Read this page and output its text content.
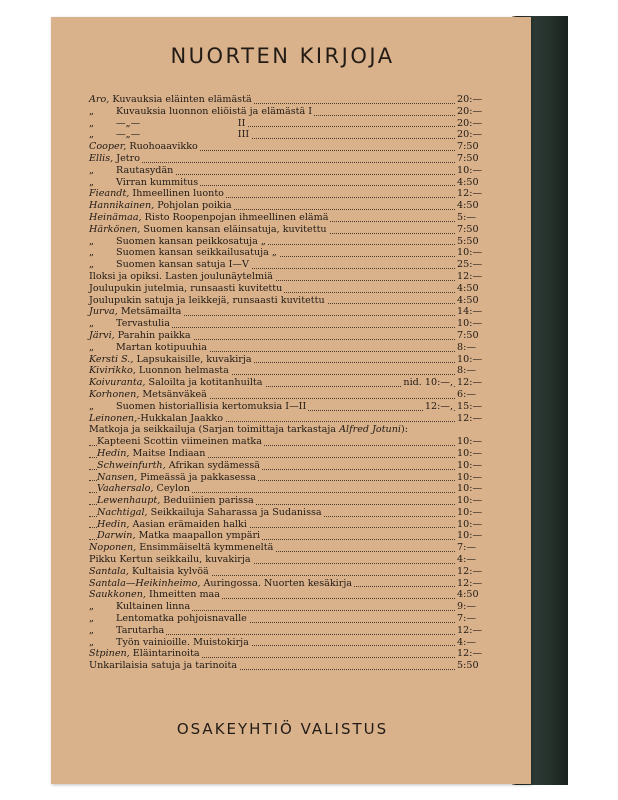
NUORTEN KIRJOJA
Aro, Kuvauksia eläinten elämästä	20:—
„ Kuvauksia luonnon eliöistä ja elämästä I	20:—
„ —„—                                II	20:—
„ —„—                                III	20:—
Cooper, Ruohoaavikko	7:50
Ellis, Jetro	7:50
„ Rautasydän	10:—
„ Virran kummitus	4:50
Fieandt, Ihmeellinen luonto	12:—
Hannikainen, Pohjolan poikia	4:50
Heinämaa, Risto Roopenpojan ihmeellinen elämä	5:—
Härkönen, Suomen kansan eläinsatuja, kuvitettu	7:50
„ Suomen kansan peikkosatuja „	5:50
„ Suomen kansan seikkailusatuja „	10:—
„ Suomen kansan satuja I—V	25:—
Iloksi ja opiksi. Lasten joulunäytelmiä	12:—
Joulupukin jutelmia, runsaasti kuvitettu	4:50
Joulupukin satuja ja leikkejä, runsaasti kuvitettu	4:50
Jurva, Metsämailta	14:—
„ Tervastulia	10:—
Järvi, Parahin paikka	7:50
„ Martan kotipuuhia	8:—
Kersti S., Lapsukaisille, kuvakirja	10:—
Kivirikko, Luonnon helmasta	8:—
Koivuranta, Saloilta ja kotitanhuilta	nid. 10:—, 12:—
Korhonen, Metsänväkeä	6:—
„ Suomen historiallisia kertomuksia I—II	12:—, 15:—
Leinonen,-Hukkalan Jaakko	12:—
Matkoja ja seikkailuja (Sarjan toimittaja tarkastaja Alfred Jotuni):
Kapteeni Scottin viimeinen matka	10:—
Hedin, Maitse Indiaan	10:—
Schweinfurth, Afrikan sydämessä	10:—
Nansen, Pimeässä ja pakkasessa	10:—
Vaahersalo, Ceylon	10:—
Lewenhaupt, Beduiinien parissa	10:—
Nachtigal, Seikkailuja Saharassa ja Sudanissa	10:—
Hedin, Aasian erämaiden halki	10:—
Darwin, Matka maapallon ympäri	10:—
Noponen, Ensimmäiseltä kymmeneltä	7:—
Pikku Kertun seikkailu, kuvakirja	4:—
Santala, Kultaisia kylvöä	12:—
Santala—Heikinheimo, Auringossa. Nuorten kesäkirja	12:—
Saukkonen, Ihmeitten maa	4:50
„ Kultainen linna	9:—
„ Lentomatka pohjoisnavalle	7:—
„ Tarutarha	12:—
„ Työn vainioille. Muistokirja	4:—
Stpinen, Eläintarinoita	12:—
Unkarilaisia satuja ja tarinoita	5:50
OSAKEYHTIÖ VALISTUS
